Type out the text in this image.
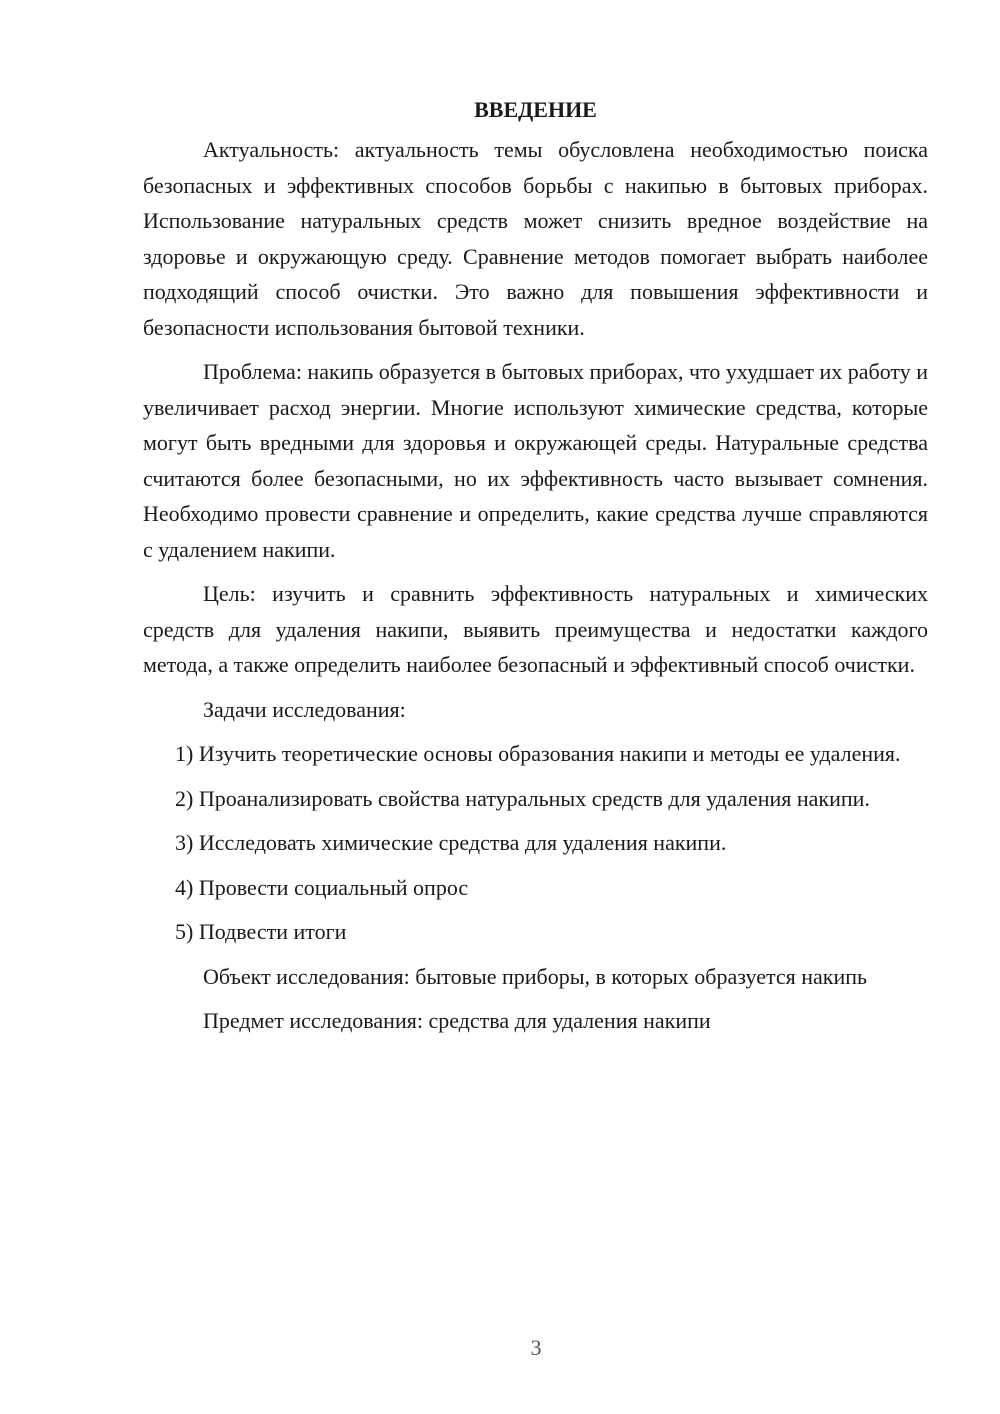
ВВЕДЕНИЕ

Актуальность: актуальность темы обусловлена необходимостью поиска безопасных и эффективных способов борьбы с накипью в бытовых приборах. Использование натуральных средств может снизить вредное воздействие на здоровье и окружающую среду. Сравнение методов помогает выбрать наиболее подходящий способ очистки. Это важно для повышения эффективности и безопасности использования бытовой техники.

Проблема: накипь образуется в бытовых приборах, что ухудшает их работу и увеличивает расход энергии. Многие используют химические средства, которые могут быть вредными для здоровья и окружающей среды. Натуральные средства считаются более безопасными, но их эффективность часто вызывает сомнения. Необходимо провести сравнение и определить, какие средства лучше справляются с удалением накипи.

Цель: изучить и сравнить эффективность натуральных и химических средств для удаления накипи, выявить преимущества и недостатки каждого метода, а также определить наиболее безопасный и эффективный способ очистки.

Задачи исследования:

1) Изучить теоретические основы образования накипи и методы ее удаления.

2) Проанализировать свойства натуральных средств для удаления накипи.

3) Исследовать химические средства для удаления накипи.

4) Провести социальный опрос

5) Подвести итоги

Объект исследования: бытовые приборы, в которых образуется накипь

Предмет исследования: средства для удаления накипи

3
